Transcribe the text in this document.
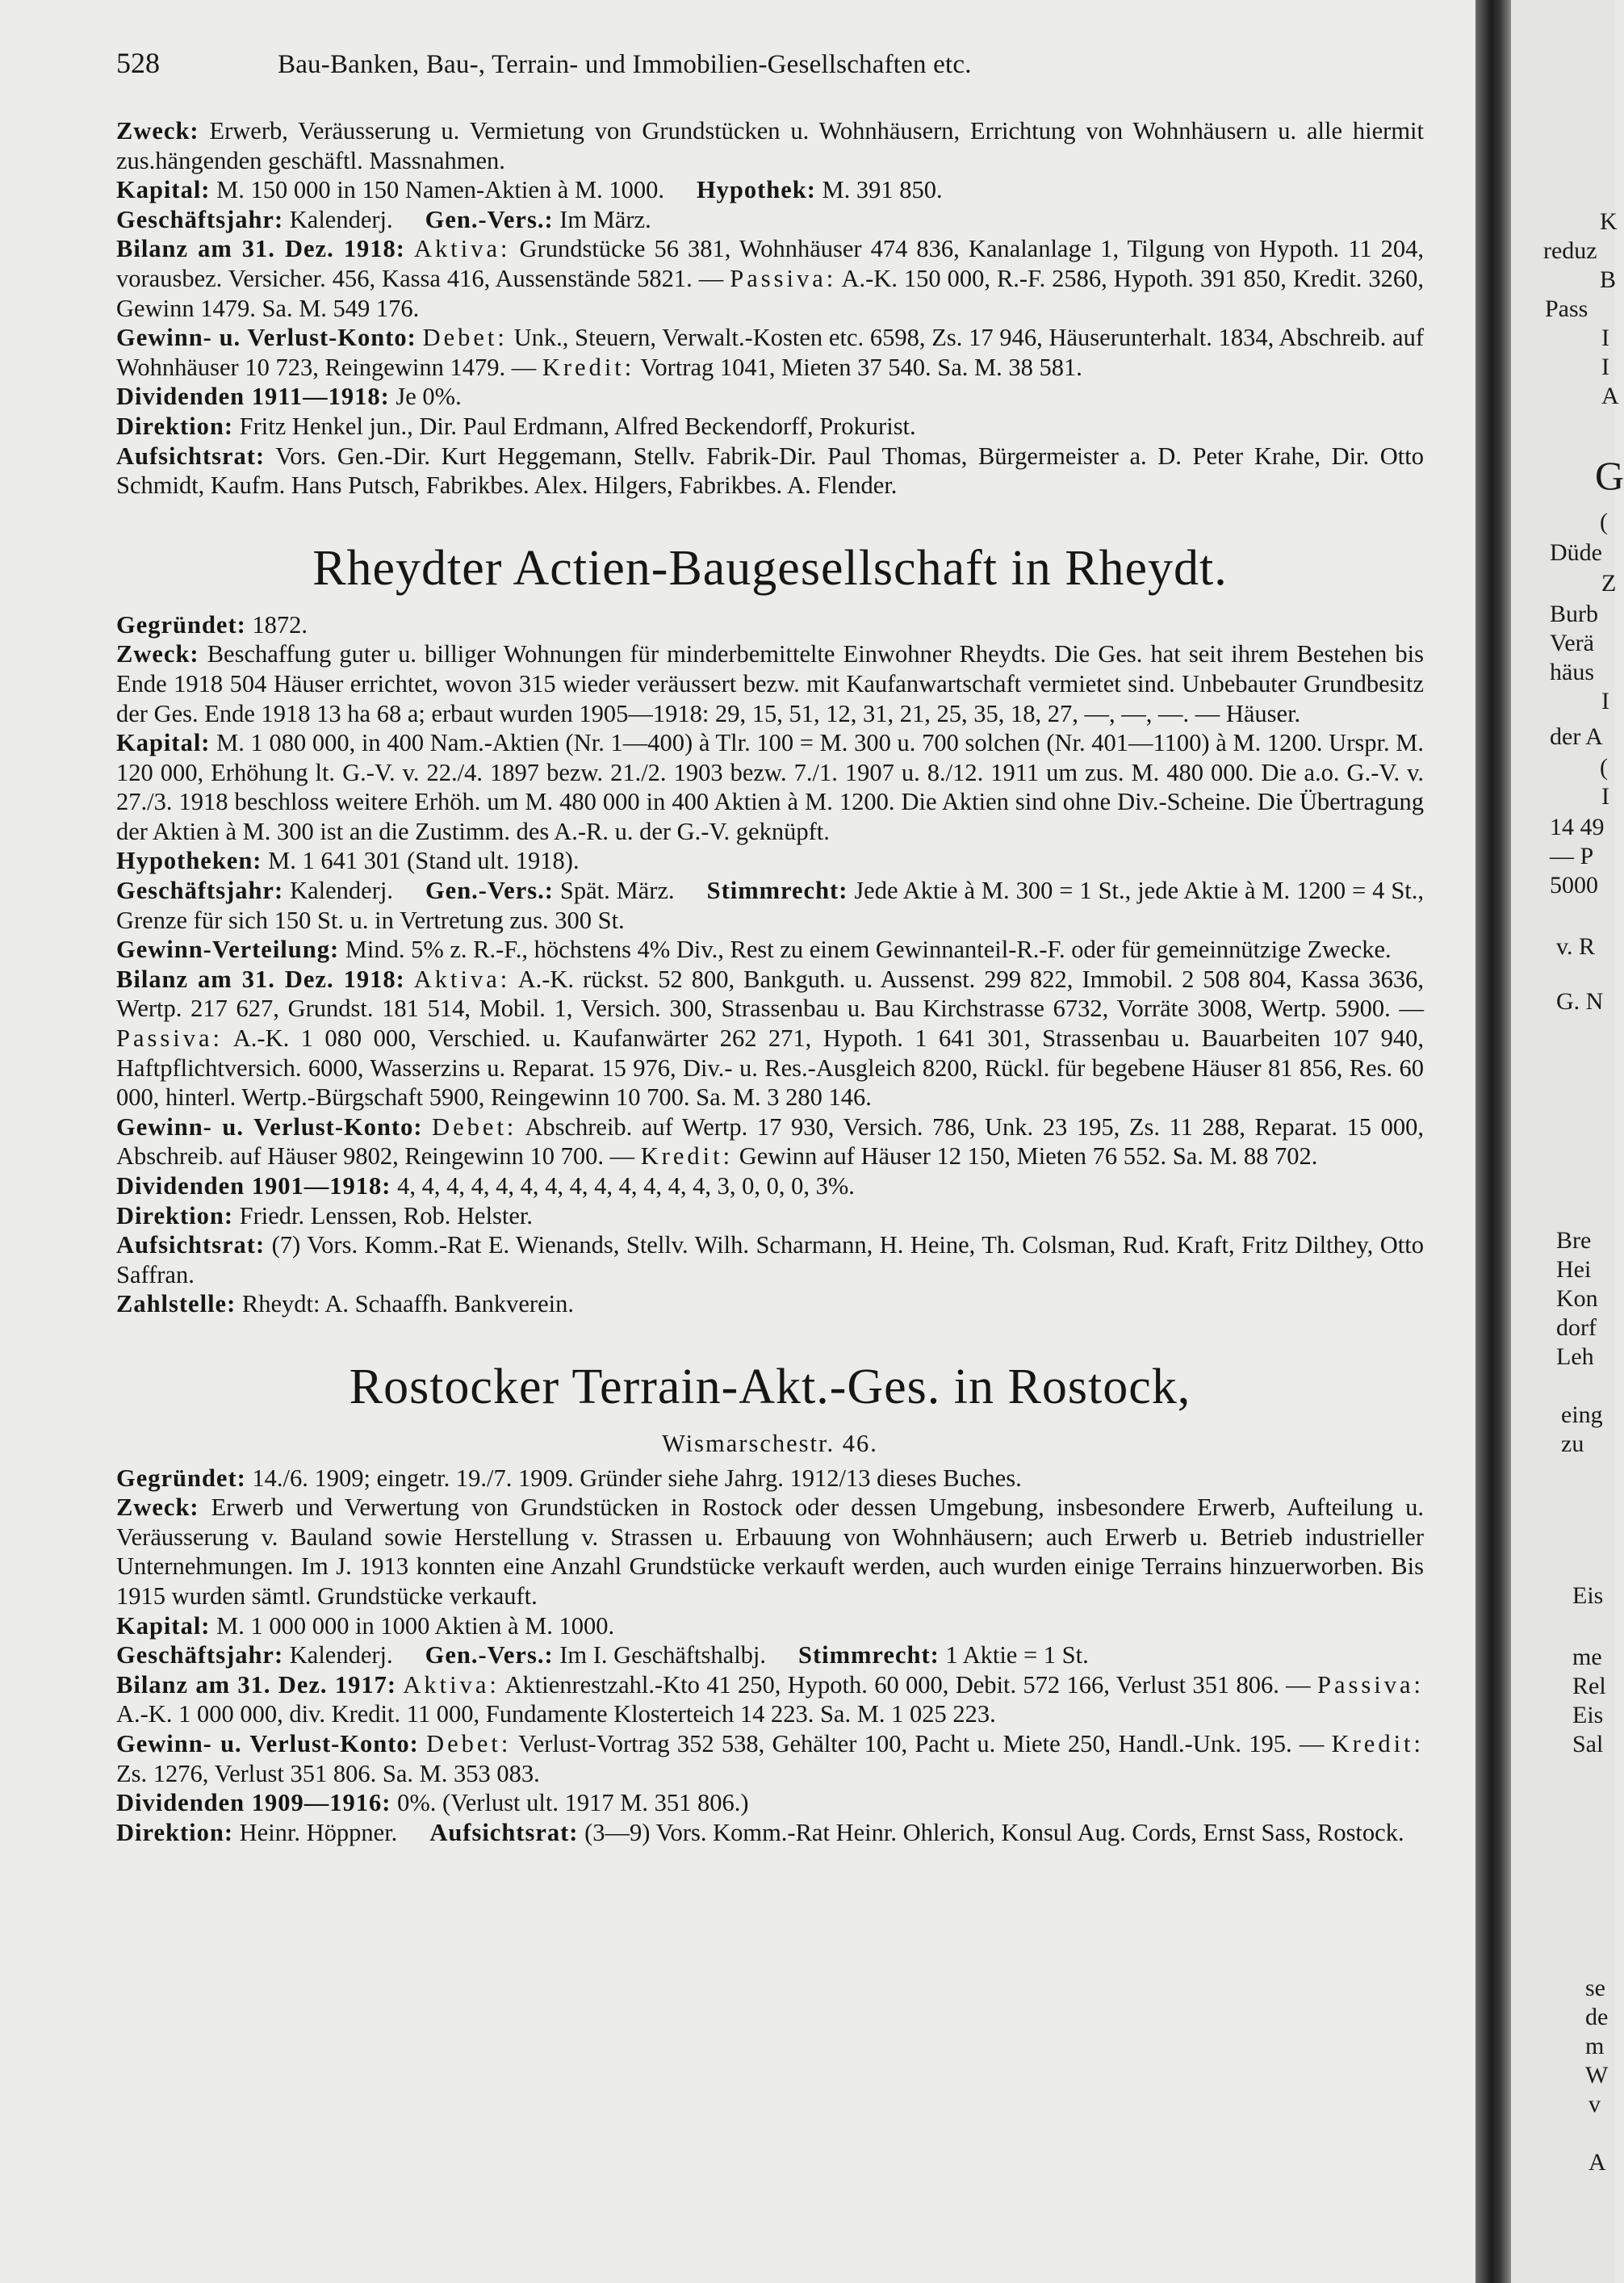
528	Bau-Banken, Bau-, Terrain- und Immobilien-Gesellschaften etc.

Zweck: Erwerb, Veräusserung u. Vermietung von Grundstücken u. Wohnhäusern, Errichtung von Wohnhäusern u. alle hiermit zus.hängenden geschäftl. Massnahmen.

Kapital: M. 150 000 in 150 Namen-Aktien à M. 1000. Hypothek: M. 391 850.

Geschäftsjahr: Kalenderj. Gen.-Vers.: Im März.

Bilanz am 31. Dez. 1918: Aktiva: Grundstücke 56 381, Wohnhäuser 474 836, Kanalanlage 1, Tilgung von Hypoth. 11 204, vorausbez. Versicher. 456, Kassa 416, Aussenstände 5821. — Passiva: A.-K. 150 000, R.-F. 2586, Hypoth. 391 850, Kredit. 3260, Gewinn 1479. Sa. M. 549 176.

Gewinn- u. Verlust-Konto: Debet: Unk., Steuern, Verwalt.-Kosten etc. 6598, Zs. 17 946, Häuserunterhalt. 1834, Abschreib. auf Wohnhäuser 10 723, Reingewinn 1479. — Kredit: Vortrag 1041, Mieten 37 540. Sa. M. 38 581.

Dividenden 1911—1918: Je 0%.

Direktion: Fritz Henkel jun., Dir. Paul Erdmann, Alfred Beckendorff, Prokurist.

Aufsichtsrat: Vors. Gen.-Dir. Kurt Heggemann, Stellv. Fabrik-Dir. Paul Thomas, Bürgermeister a. D. Peter Krahe, Dir. Otto Schmidt, Kaufm. Hans Putsch, Fabrikbes. Alex. Hilgers, Fabrikbes. A. Flender.

Rheydter Actien-Baugesellschaft in Rheydt.

Gegründet: 1872.

Zweck: Beschaffung guter u. billiger Wohnungen für minderbemittelte Einwohner Rheydts. Die Ges. hat seit ihrem Bestehen bis Ende 1918 504 Häuser errichtet, wovon 315 wieder veräussert bezw. mit Kaufanwartschaft vermietet sind. Unbebauter Grundbesitz der Ges. Ende 1918 13 ha 68 a; erbaut wurden 1905—1918: 29, 15, 51, 12, 31, 21, 25, 35, 18, 27, —, —, —. — Häuser.

Kapital: M. 1 080 000, in 400 Nam.-Aktien (Nr. 1—400) à Tlr. 100 = M. 300 u. 700 solchen (Nr. 401—1100) à M. 1200. Urspr. M. 120 000, Erhöhung lt. G.-V. v. 22./4. 1897 bezw. 21./2. 1903 bezw. 7./1. 1907 u. 8./12. 1911 um zus. M. 480 000. Die a.o. G.-V. v. 27./3. 1918 beschloss weitere Erhöh. um M. 480 000 in 400 Aktien à M. 1200. Die Aktien sind ohne Div.-Scheine. Die Übertragung der Aktien à M. 300 ist an die Zustimm. des A.-R. u. der G.-V. geknüpft.

Hypotheken: M. 1 641 301 (Stand ult. 1918).

Geschäftsjahr: Kalenderj. Gen.-Vers.: Spät. März. Stimmrecht: Jede Aktie à M. 300 = 1 St., jede Aktie à M. 1200 = 4 St., Grenze für sich 150 St. u. in Vertretung zus. 300 St.

Gewinn-Verteilung: Mind. 5% z. R.-F., höchstens 4% Div., Rest zu einem Gewinnanteil-R.-F. oder für gemeinnützige Zwecke.

Bilanz am 31. Dez. 1918: Aktiva: A.-K. rückst. 52 800, Bankguth. u. Aussenst. 299 822, Immobil. 2 508 804, Kassa 3636, Wertp. 217 627, Grundst. 181 514, Mobil. 1, Versich. 300, Strassenbau u. Bau Kirchstrasse 6732, Vorräte 3008, Wertp. 5900. — Passiva: A.-K. 1 080 000, Verschied. u. Kaufanwärter 262 271, Hypoth. 1 641 301, Strassenbau u. Bauarbeiten 107 940, Haftpflichtversich. 6000, Wasserzins u. Reparat. 15 976, Div.- u. Res.-Ausgleich 8200, Rückl. für begebene Häuser 81 856, Res. 60 000, hinterl. Wertp.-Bürgschaft 5900, Reingewinn 10 700. Sa. M. 3 280 146.

Gewinn- u. Verlust-Konto: Debet: Abschreib. auf Wertp. 17 930, Versich. 786, Unk. 23 195, Zs. 11 288, Reparat. 15 000, Abschreib. auf Häuser 9802, Reingewinn 10 700. — Kredit: Gewinn auf Häuser 12 150, Mieten 76 552. Sa. M. 88 702.

Dividenden 1901—1918: 4, 4, 4, 4, 4, 4, 4, 4, 4, 4, 4, 4, 4, 3, 0, 0, 0, 3%.

Direktion: Friedr. Lenssen, Rob. Helster.

Aufsichtsrat: (7) Vors. Komm.-Rat E. Wienands, Stellv. Wilh. Scharmann, H. Heine, Th. Colsman, Rud. Kraft, Fritz Dilthey, Otto Saffran.

Zahlstelle: Rheydt: A. Schaaffh. Bankverein.

Rostocker Terrain-Akt.-Ges. in Rostock,

Wismarschestr. 46.

Gegründet: 14./6. 1909; eingetr. 19./7. 1909. Gründer siehe Jahrg. 1912/13 dieses Buches.

Zweck: Erwerb und Verwertung von Grundstücken in Rostock oder dessen Umgebung, insbesondere Erwerb, Aufteilung u. Veräusserung v. Bauland sowie Herstellung v. Strassen u. Erbauung von Wohnhäusern; auch Erwerb u. Betrieb industrieller Unternehmungen. Im J. 1913 konnten eine Anzahl Grundstücke verkauft werden, auch wurden einige Terrains hinzuerworben. Bis 1915 wurden sämtl. Grundstücke verkauft.

Kapital: M. 1 000 000 in 1000 Aktien à M. 1000.

Geschäftsjahr: Kalenderj. Gen.-Vers.: Im I. Geschäftshalbj. Stimmrecht: 1 Aktie = 1 St.

Bilanz am 31. Dez. 1917: Aktiva: Aktienrestzahl.-Kto 41 250, Hypoth. 60 000, Debit. 572 166, Verlust 351 806. — Passiva: A.-K. 1 000 000, div. Kredit. 11 000, Fundamente Klosterteich 14 223. Sa. M. 1 025 223.

Gewinn- u. Verlust-Konto: Debet: Verlust-Vortrag 352 538, Gehälter 100, Pacht u. Miete 250, Handl.-Unk. 195. — Kredit: Zs. 1276, Verlust 351 806. Sa. M. 353 083.

Dividenden 1909—1916: 0%. (Verlust ult. 1917 M. 351 806.)

Direktion: Heinr. Höppner. Aufsichtsrat: (3—9) Vors. Komm.-Rat Heinr. Ohlerich, Konsul Aug. Cords, Ernst Sass, Rostock.

K
reduz
B
Pass
I
I
A
G
(
Düde
Z
Burb
Verä
häus
I
der A
(
I
14 49
— P
5000
v. R
G. N
Bre
Hei
Kon
dorf
Leh
eing
zu
Eis
me
Rel
Eis
Sal
se
de
m
W
v
A
